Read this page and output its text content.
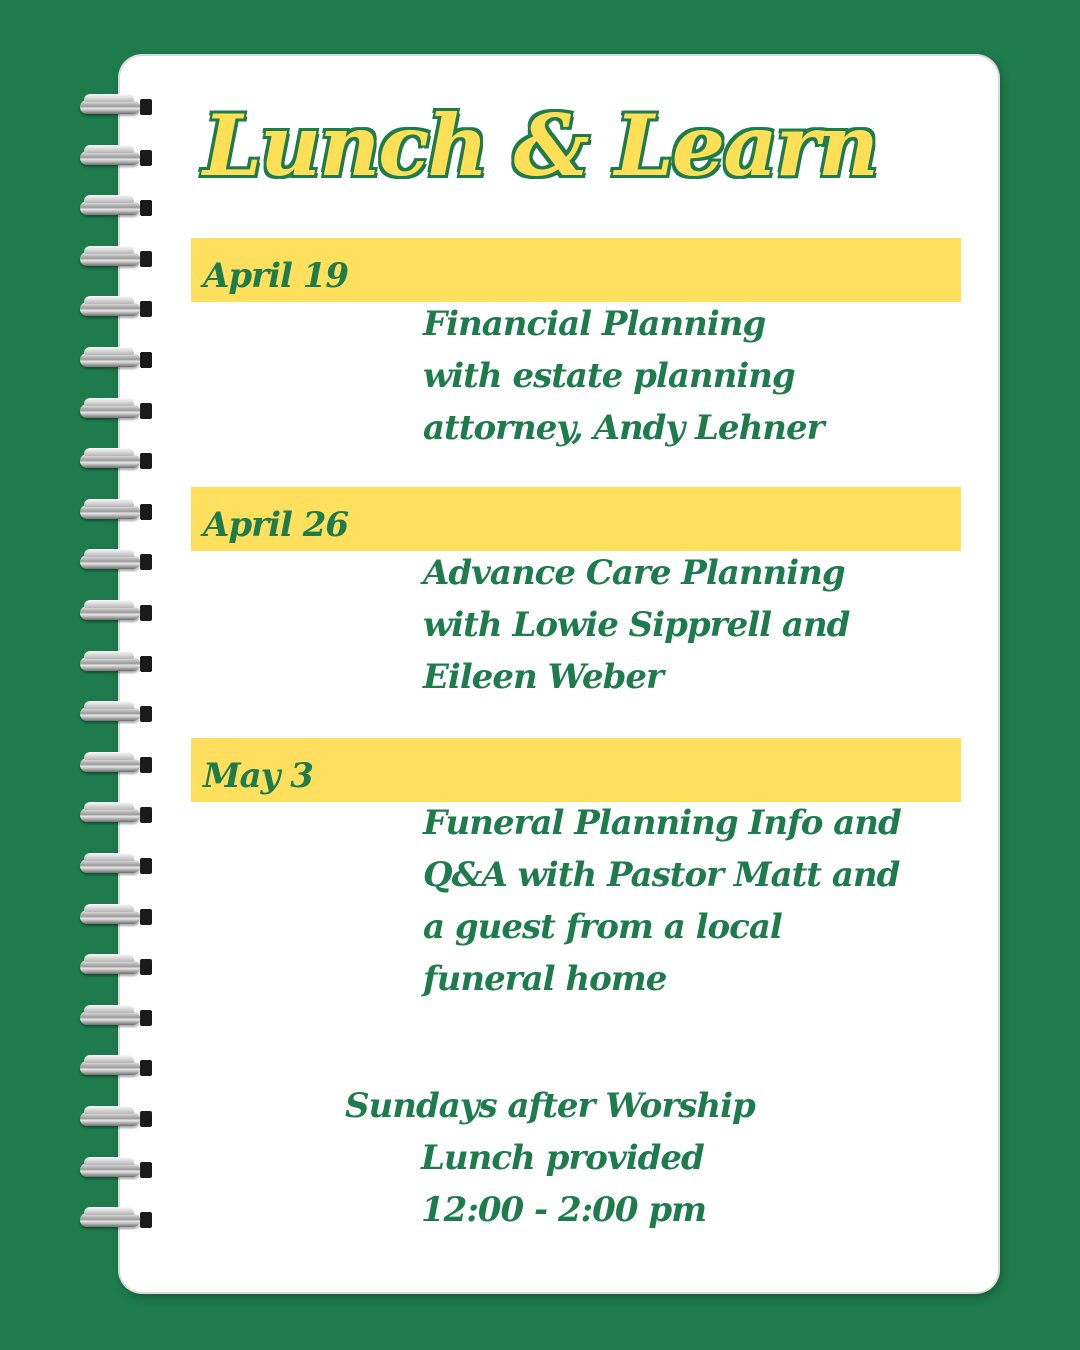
Lunch & Learn
April 19

Financial Planning
with estate planning
attorney, Andy Lehner

April 26

Advance Care Planning
with Lowie Sipprell and
Eileen Weber

May 3

Funeral Planning Info and
Q&A with Pastor Matt and
a guest from a local
funeral home

Sundays after Worship

Lunch provided

12:00 - 2:00 pm
